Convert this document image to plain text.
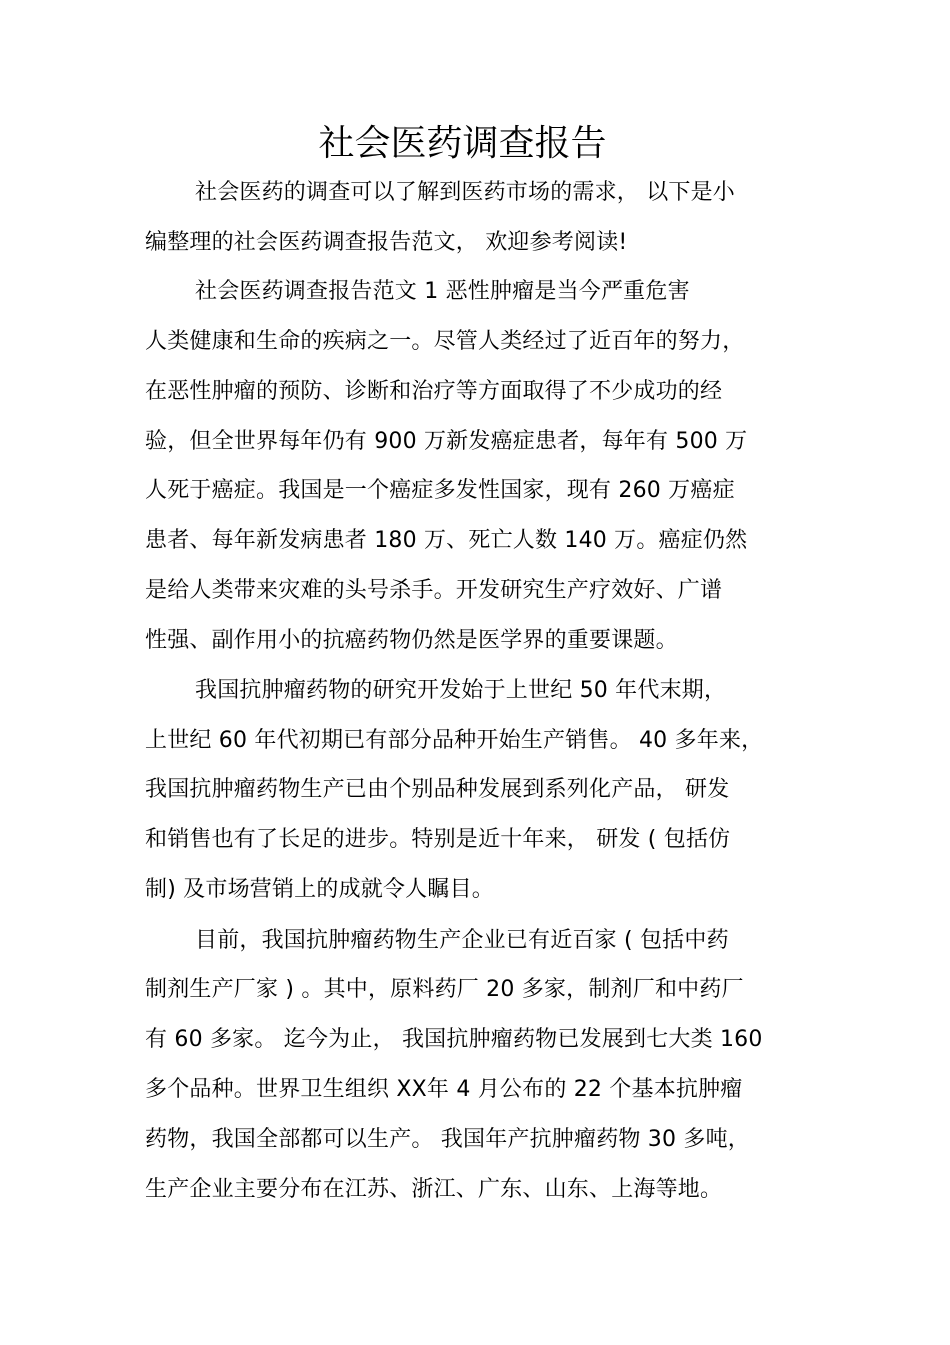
社会医药调查报告
社会医药的调查可以了解到医药市场的需求， 以下是小
编整理的社会医药调查报告范文， 欢迎参考阅读!
社会医药调查报告范文 1 恶性肿瘤是当今严重危害
人类健康和生命的疾病之一。尽管人类经过了近百年的努力，
在恶性肿瘤的预防、诊断和治疗等方面取得了不少成功的经
验，但全世界每年仍有 900 万新发癌症患者，每年有 500 万
人死于癌症。我国是一个癌症多发性国家，现有 260 万癌症
患者、每年新发病患者 180 万、死亡人数 140 万。癌症仍然
是给人类带来灾难的头号杀手。开发研究生产疗效好、广谱
性强、副作用小的抗癌药物仍然是医学界的重要课题。
我国抗肿瘤药物的研究开发始于上世纪 50 年代末期，
上世纪 60 年代初期已有部分品种开始生产销售。 40 多年来，
我国抗肿瘤药物生产已由个别品种发展到系列化产品， 研发
和销售也有了长足的进步。特别是近十年来， 研发 ( 包括仿
制) 及市场营销上的成就令人瞩目。
目前，我国抗肿瘤药物生产企业已有近百家 ( 包括中药
制剂生产厂家 ) 。其中，原料药厂 20 多家，制剂厂和中药厂
有 60 多家。 迄今为止， 我国抗肿瘤药物已发展到七大类 160
多个品种。世界卫生组织 XX年 4 月公布的 22 个基本抗肿瘤
药物，我国全部都可以生产。 我国年产抗肿瘤药物 30 多吨，
生产企业主要分布在江苏、浙江、广东、山东、上海等地。
